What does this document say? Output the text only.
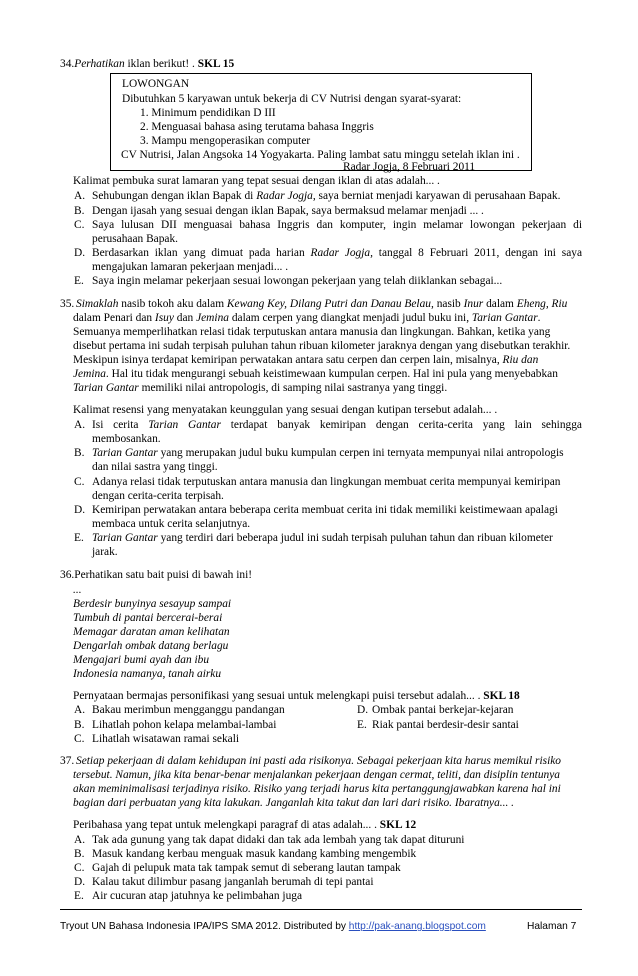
34.Perhatikan iklan berikut! . SKL 15
LOWONGAN
Dibutuhkan 5 karyawan untuk bekerja di CV Nutrisi dengan syarat-syarat:
1. Minimum pendidikan D III
2. Menguasai bahasa asing terutama bahasa Inggris
3. Mampu mengoperasikan computer
CV Nutrisi, Jalan Angsoka 14 Yogyakarta. Paling lambat satu minggu setelah iklan ini .
Radar Jogja, 8 Februari 2011
Kalimat pembuka surat lamaran yang tepat sesuai dengan iklan di atas adalah... .
A. Sehubungan dengan iklan Bapak di Radar Jogja, saya berniat menjadi karyawan di perusahaan Bapak.
B. Dengan ijasah yang sesuai dengan iklan Bapak, saya bermaksud melamar menjadi ... .
C. Saya lulusan DII menguasai bahasa Inggris dan komputer, ingin melamar lowongan pekerjaan di
perusahaan Bapak.
D. Berdasarkan iklan yang dimuat pada harian Radar Jogja, tanggal 8 Februari 2011, dengan ini saya
mengajukan lamaran pekerjaan menjadi... .
E. Saya ingin melamar pekerjaan sesuai lowongan pekerjaan yang telah diiklankan sebagai...
35. Simaklah nasib tokoh aku dalam Kewang Key, Dilang Putri dan Danau Belau, nasib Inur dalam Eheng, Riu
dalam Penari dan Isuy dan Jemina dalam cerpen yang diangkat menjadi judul buku ini, Tarian Gantar.
Semuanya memperlihatkan relasi tidak terputuskan antara manusia dan lingkungan. Bahkan, ketika yang
disebut pertama ini sudah terpisah puluhan tahun ribuan kilometer jaraknya dengan yang disebutkan terakhir.
Meskipun isinya terdapat kemiripan perwatakan antara satu cerpen dan cerpen lain, misalnya, Riu dan
Jemina. Hal itu tidak mengurangi sebuah keistimewaan kumpulan cerpen. Hal ini pula yang menyebabkan
Tarian Gantar memiliki nilai antropologis, di samping nilai sastranya yang tinggi.
Kalimat resensi yang menyatakan keunggulan yang sesuai dengan kutipan tersebut adalah... .
A. Isi cerita Tarian Gantar terdapat banyak kemiripan dengan cerita-cerita yang lain sehingga
membosankan.
B. Tarian Gantar yang merupakan judul buku kumpulan cerpen ini ternyata mempunyai nilai antropologis
dan nilai sastra yang tinggi.
C. Adanya relasi tidak terputuskan antara manusia dan lingkungan membuat cerita mempunyai kemiripan
dengan cerita-cerita terpisah.
D. Kemiripan perwatakan antara beberapa cerita membuat cerita ini tidak memiliki keistimewaan apalagi
membaca untuk cerita selanjutnya.
E. Tarian Gantar yang terdiri dari beberapa judul ini sudah terpisah puluhan tahun dan ribuan kilometer
jarak.
36.Perhatikan satu bait puisi di bawah ini!
...
Berdesir bunyinya sesayup sampai
Tumbuh di pantai bercerai-berai
Memagar daratan aman kelihatan
Dengarlah ombak datang berlagu
Mengajari bumi ayah dan ibu
Indonesia namanya, tanah airku
Pernyataan bermajas personifikasi yang sesuai untuk melengkapi puisi tersebut adalah... . SKL 18
A. Bakau merimbun mengganggu pandangan	D. Ombak pantai berkejar-kejaran
B. Lihatlah pohon kelapa melambai-lambai	E. Riak pantai berdesir-desir santai
C. Lihatlah wisatawan ramai sekali
37. Setiap pekerjaan di dalam kehidupan ini pasti ada risikonya. Sebagai pekerjaan kita harus memikul risiko
tersebut. Namun, jika kita benar-benar menjalankan pekerjaan dengan cermat, teliti, dan disiplin tentunya
akan meminimalisasi terjadinya risiko. Risiko yang terjadi harus kita pertanggungjawabkan karena hal ini
bagian dari perbuatan yang kita lakukan. Janganlah kita takut dan lari dari risiko. Ibaratnya... .
Peribahasa yang tepat untuk melengkapi paragraf di atas adalah... . SKL 12
A. Tak ada gunung yang tak dapat didaki dan tak ada lembah yang tak dapat dituruni
B. Masuk kandang kerbau menguak masuk kandang kambing mengembik
C. Gajah di pelupuk mata tak tampak semut di seberang lautan tampak
D. Kalau takut dilimbur pasang janganlah berumah di tepi pantai
E. Air cucuran atap jatuhnya ke pelimbahan juga
Tryout UN Bahasa Indonesia IPA/IPS SMA 2012. Distributed by http://pak-anang.blogspot.com	Halaman 7
